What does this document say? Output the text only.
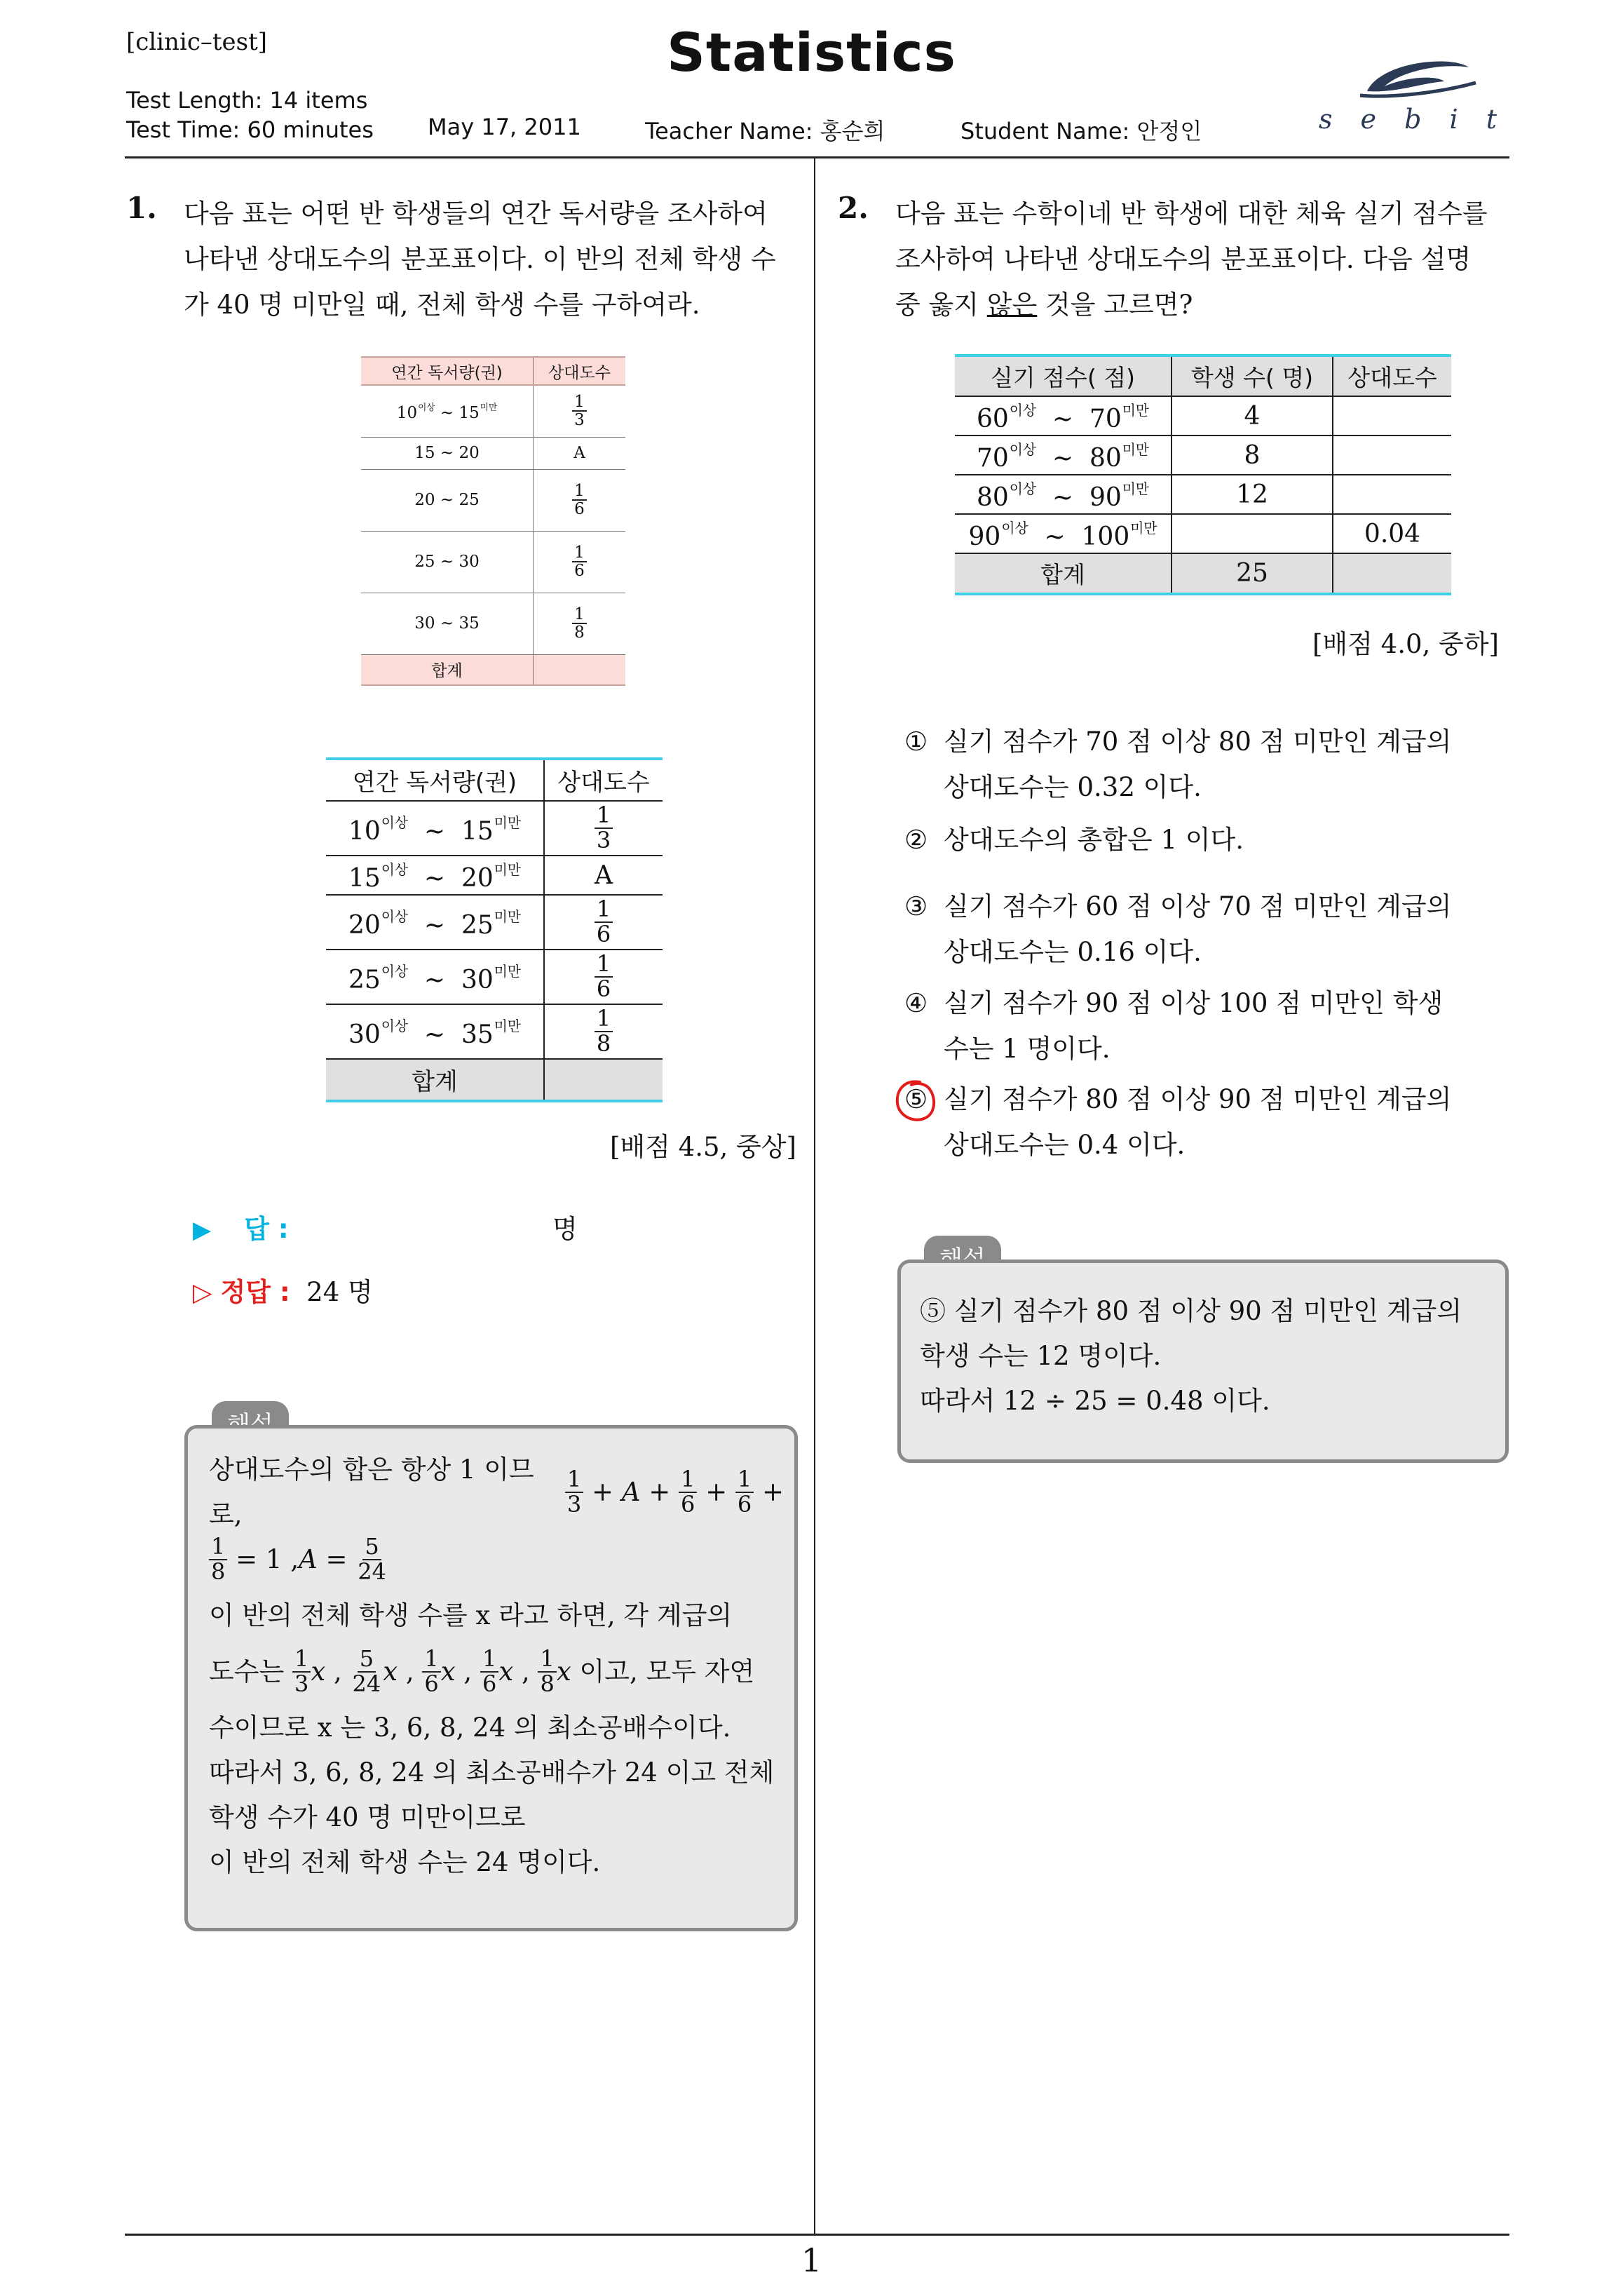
[clinic–test]	Statistics
Test Length: 14 items
Test Time: 60 minutes May 17, 2011	Teacher Name: 홍순희	Student Name: 안정인	s e b i t
1
1. 다음 표는 어떤 반 학생들의 연간 독서량을 조사하여
나타낸 상대도수의 분포표이다. 이 반의 전체 학생 수
가 40 명 미만일 때, 전체 학생 수를 구하여라.
연간 독서량(권)	상대도수
$10^{이상}$ ~ $15^{미만}$	$\frac{1}{3}$

15 ~ 20	A
20 ~ 25	$\frac{1}{6}$

25 ~ 30	$\frac{1}{6}$

30 ~ 35	$\frac{1}{8}$

합계	
연간 독서량(권)	상대도수
$10^{이상}$ ~ $15^{미만}$	$\frac{1}{3}$

$15^{이상}$ ~ $20^{미만}$	A
$20^{이상}$ ~ $25^{미만}$	$\frac{1}{6}$

$25^{이상}$ ~ $30^{미만}$	$\frac{1}{6}$

$30^{이상}$ ~ $35^{미만}$	$\frac{1}{8}$

합계	
[배점 4.5, 중상]
▶ 답 :	명
▷ 정답 : 24 명
상대도수의 합은 항상 1 이므로,
	$\frac{1}{3} + A + \frac{1}{6} + \frac{1}{6}$ +
$\frac{1}{8}$
= 1 , $A = \frac{5}{24}$
이 반의 전체 학생 수를 x 라고 하면, 각 계급의
도수는
$\frac{1}{3}$ x , $\frac{5}{24}$ x , $\frac{1}{6}$ x , $\frac{1}{6}$ x , $\frac{1}{8}$ x
이고, 모두 자연
수이므로 x 는 3, 6, 8, 24 의 최소공배수이다.
따라서 3, 6, 8, 24 의 최소공배수가 24 이고 전체
학생 수가 40 명 미만이므로
이 반의 전체 학생 수는 24 명이다.
2. 다음 표는 수학이네 반 학생에 대한 체육 실기 점수를
조사하여 나타낸 상대도수의 분포표이다. 다음 설명
중 옳지 않은 것을 고르면?
실기 점수( 점)	학생 수( 명)	상대도수
$60^{이상}$ ~ $70^{미만}$	4	
$70^{이상}$ ~ $80^{미만}$	8	
$80^{이상}$ ~ $90^{미만}$	12	
$90^{이상}$ ~ $100^{미만}$		0.04
합계	25	
[배점 4.0, 중하]
① 실기 점수가 70 점 이상 80 점 미만인 계급의
상대도수는 0.32 이다.
② 상대도수의 총합은 1 이다.
③ 실기 점수가 60 점 이상 70 점 미만인 계급의
상대도수는 0.16 이다.
④ 실기 점수가 90 점 이상 100 점 미만인 학생
수는 1 명이다.
⑤ 실기 점수가 80 점 이상 90 점 미만인 계급의
상대도수는 0.4 이다.
⑤ 실기 점수가 80 점 이상 90 점 미만인 계급의
학생 수는 12 명이다.
따라서 12 ÷ 25 = 0.48 이다.
